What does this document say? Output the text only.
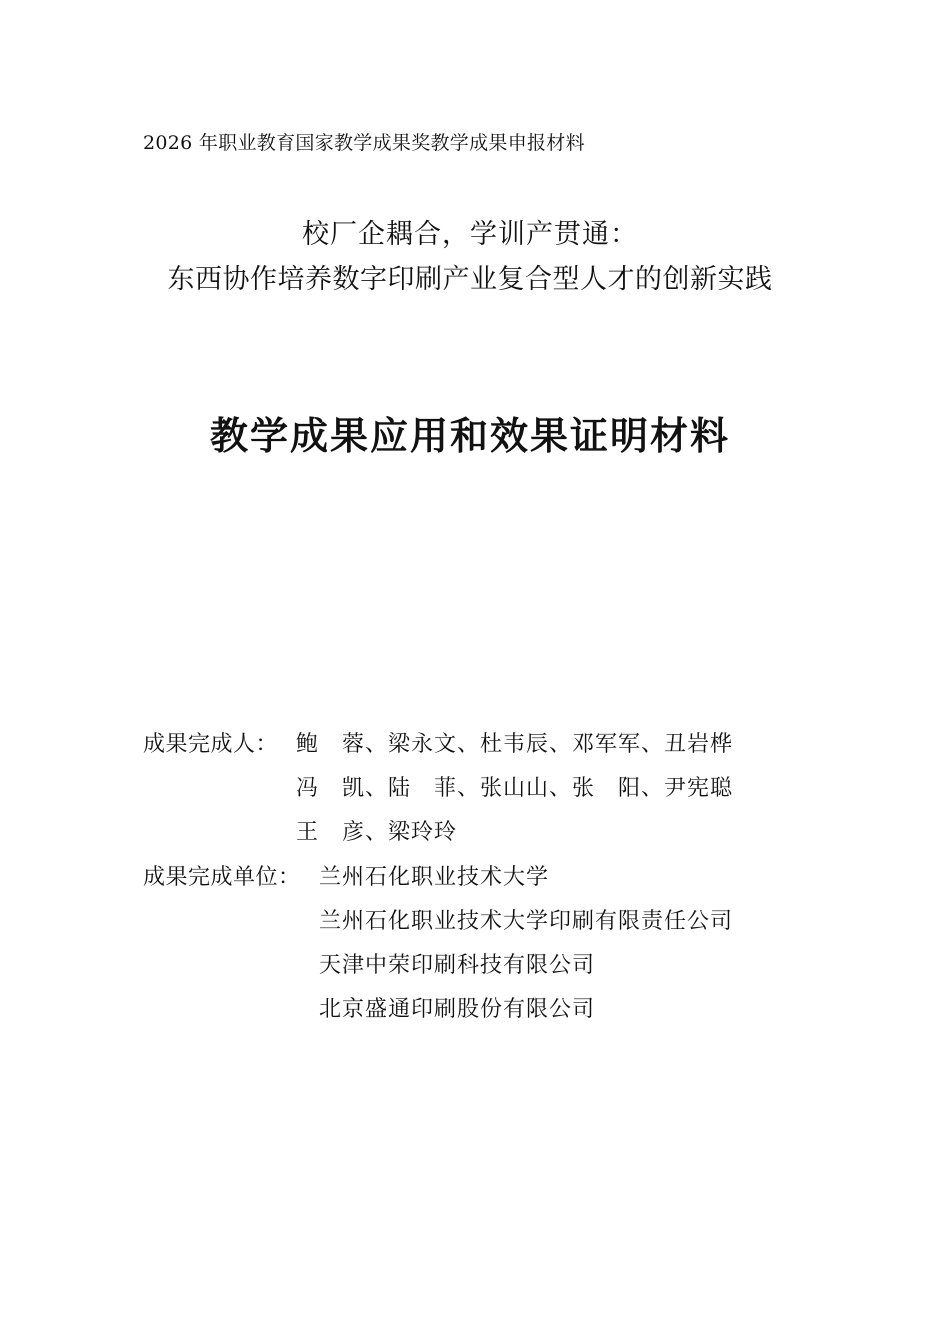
2026 年职业教育国家教学成果奖教学成果申报材料
校厂企耦合，学训产贯通：
东西协作培养数字印刷产业复合型人才的创新实践
教学成果应用和效果证明材料
成果完成人： 鲍　蓉、梁永文、杜韦辰、邓军军、丑岩桦
冯　凯、陆　菲、张山山、张　阳、尹宪聪
王　彦、梁玲玲
成果完成单位： 兰州石化职业技术大学
兰州石化职业技术大学印刷有限责任公司
天津中荣印刷科技有限公司
北京盛通印刷股份有限公司
